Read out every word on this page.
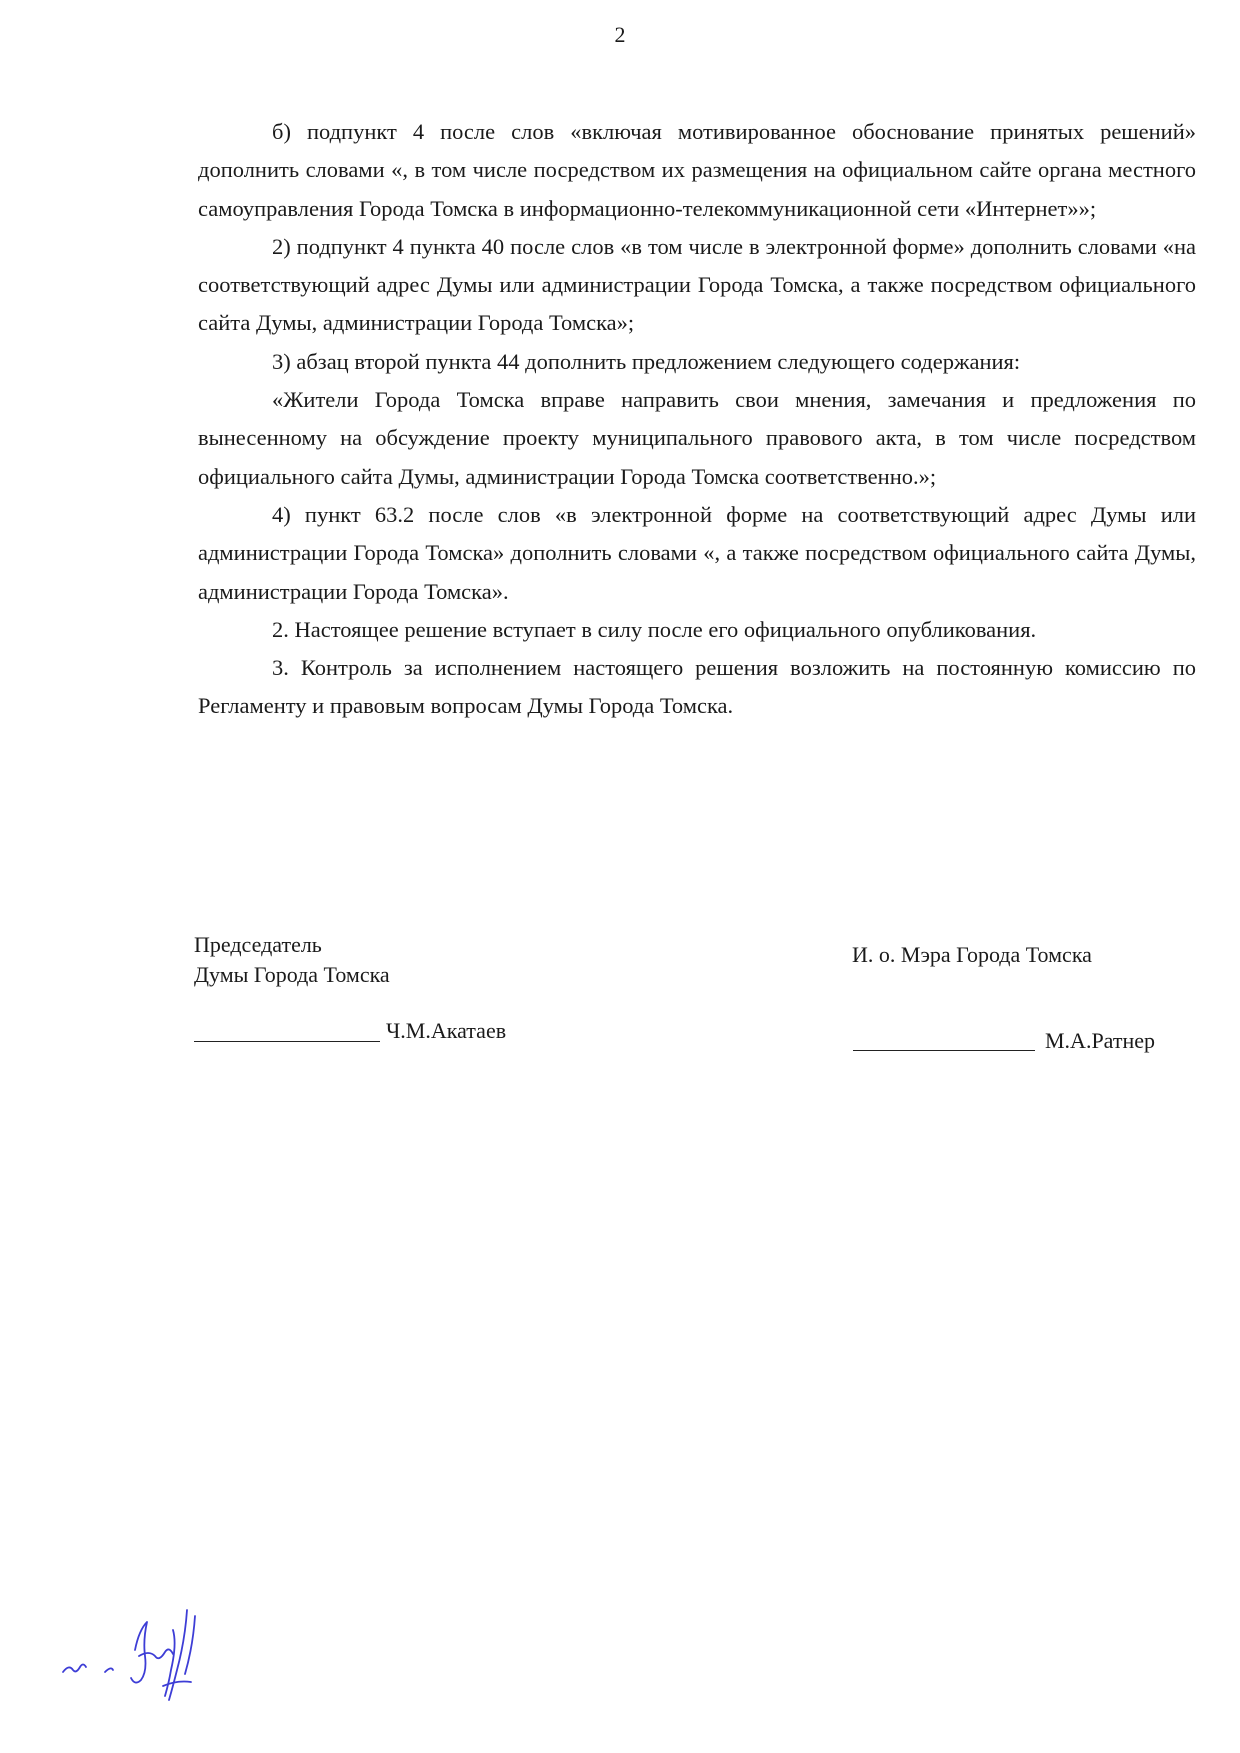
2

б) подпункт 4 после слов «включая мотивированное обоснование принятых решений» дополнить словами «, в том числе посредством их размещения на официальном сайте органа местного самоуправления Города Томска в информационно-телекоммуникационной сети «Интернет»»;

2) подпункт 4 пункта 40 после слов «в том числе в электронной форме» дополнить словами «на соответствующий адрес Думы или администрации Города Томска, а также посредством официального сайта Думы, администрации Города Томска»;

3) абзац второй пункта 44 дополнить предложением следующего содержания:

«Жители Города Томска вправе направить свои мнения, замечания и предложения по вынесенному на обсуждение проекту муниципального правового акта, в том числе посредством официального сайта Думы, администрации Города Томска соответственно.»;

4) пункт 63.2 после слов «в электронной форме на соответствующий адрес Думы или администрации Города Томска» дополнить словами «, а также посредством официального сайта Думы, администрации Города Томска».

2. Настоящее решение вступает в силу после его официального опубликования.

3. Контроль за исполнением настоящего решения возложить на постоянную комиссию по Регламенту и правовым вопросам Думы Города Томска.

Председатель
Думы Города Томска
И. о. Мэра Города Томска
Ч.М.Акатаев	М.А.Ратнер
